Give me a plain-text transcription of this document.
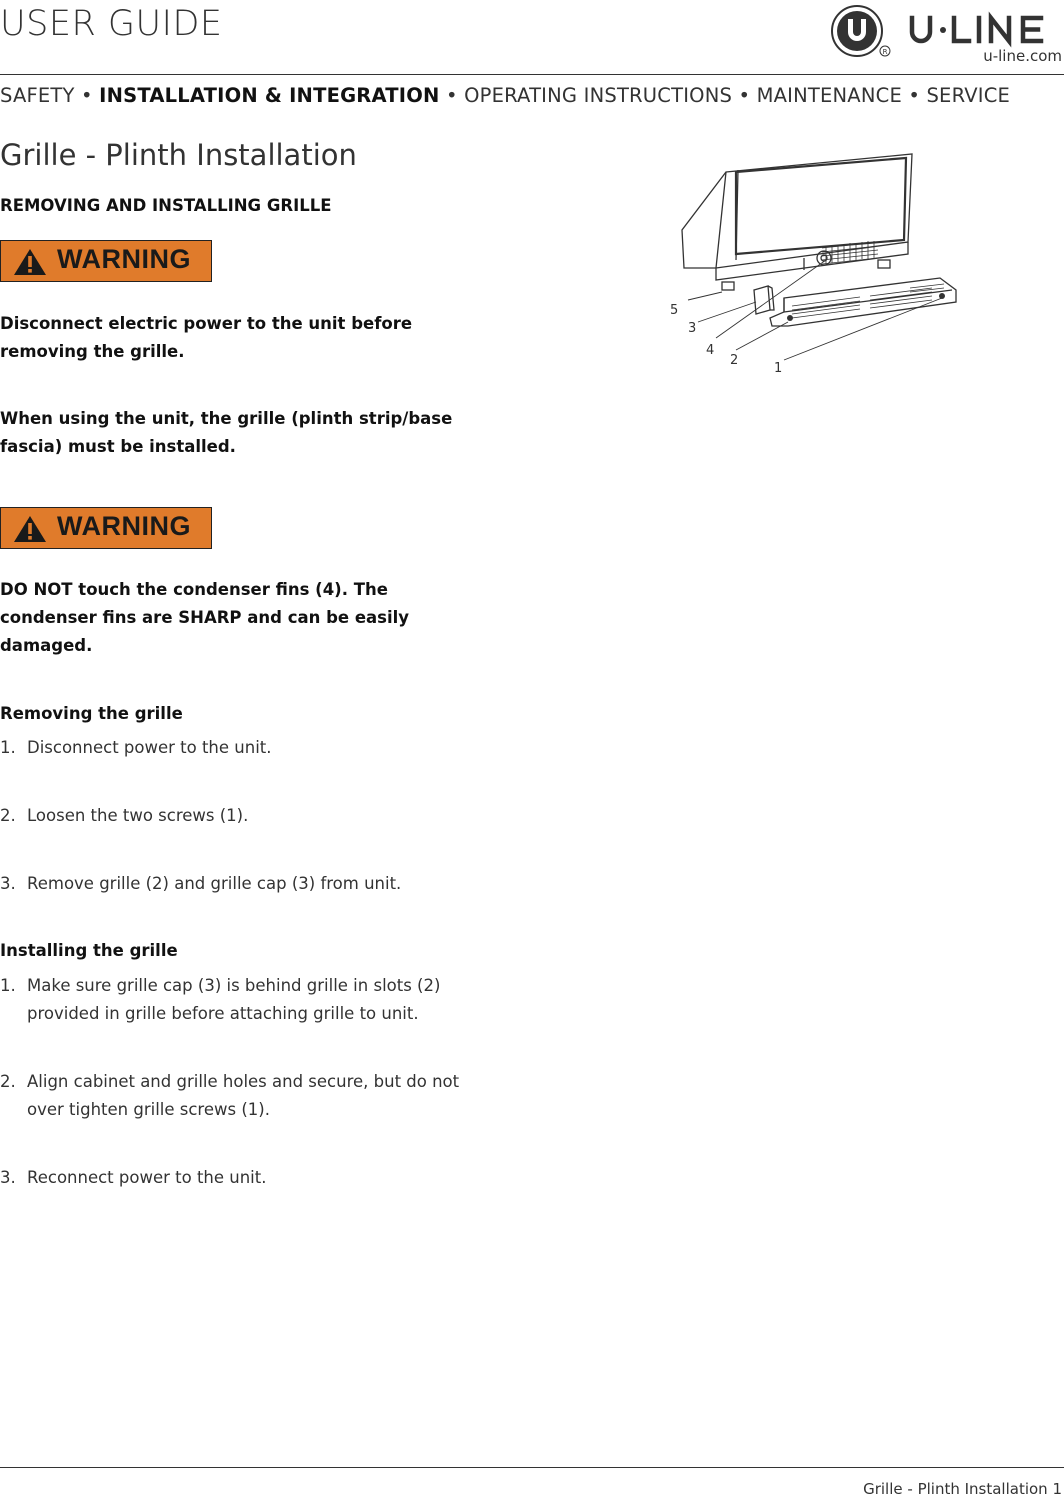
USER GUIDE
R	u-line.com
SAFETY • INSTALLATION & INTEGRATION • OPERATING INSTRUCTIONS • MAINTENANCE • SERVICE
Grille - Plinth Installation
REMOVING AND INSTALLING GRILLE
WARNING
Disconnect electric power to the unit before removing the grille.
When using the unit, the grille (plinth strip/base fascia) must be installed.
WARNING
DO NOT touch the condenser fins (4). The condenser fins are SHARP and can be easily damaged.
Removing the grille
1. Disconnect power to the unit.
2. Loosen the two screws (1).
3. Remove grille (2) and grille cap (3) from unit.
Installing the grille
1. Make sure grille cap (3) is behind grille in slots (2) provided in grille before attaching grille to unit.
2. Align cabinet and grille holes and secure, but do not over tighten grille screws (1).
3. Reconnect power to the unit.
5
3
4
2
1
Grille - Plinth Installation 1
